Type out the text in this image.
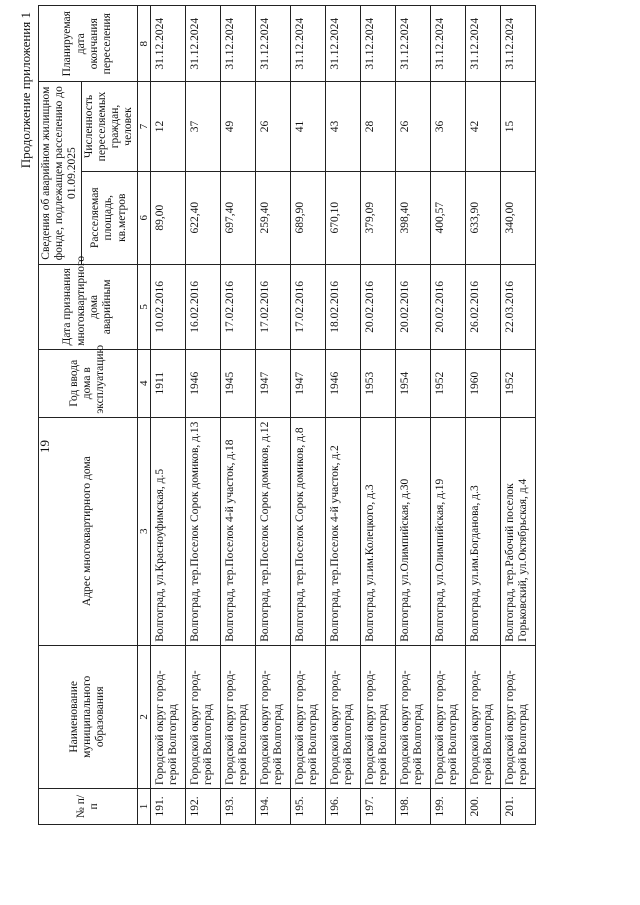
19
Продолжение приложения 1
№ п/п	Наименование муниципального образования	Адрес многоквартирного дома	Год ввода дома в эксплуатацию	Дата признания многоквартирного дома аварийным	Сведения об аварийном жилищном фонде, подлежащем расселению до 01.09.2025		Планируемая дата окончания переселения
					Расселяемая площадь, кв.метров	Численность переселяемых граждан, человек	
1	2	3	4	5	6	7	8
191.	Городской округ город-герой Волгоград	Волгоград, ул.Красноуфимская, д.5	1911	10.02.2016	89,00	12	31.12.2024
192.	Городской округ город-герой Волгоград	Волгоград, тер.Поселок Сорок домиков, д.13	1946	16.02.2016	622,40	37	31.12.2024
193.	Городской округ город-герой Волгоград	Волгоград, тер.Поселок 4-й участок, д.18	1945	17.02.2016	697,40	49	31.12.2024
194.	Городской округ город-герой Волгоград	Волгоград, тер.Поселок Сорок домиков, д.12	1947	17.02.2016	259,40	26	31.12.2024
195.	Городской округ город-герой Волгоград	Волгоград, тер.Поселок Сорок домиков, д.8	1947	17.02.2016	689,90	41	31.12.2024
196.	Городской округ город-герой Волгоград	Волгоград, тер.Поселок 4-й участок, д.2	1946	18.02.2016	670,10	43	31.12.2024
197.	Городской округ город-герой Волгоград	Волгоград, ул.им.Колецкого, д.3	1953	20.02.2016	379,09	28	31.12.2024
198.	Городской округ город-герой Волгоград	Волгоград, ул.Олимпийская, д.30	1954	20.02.2016	398,40	26	31.12.2024
199.	Городской округ город-герой Волгоград	Волгоград, ул.Олимпийская, д.19	1952	20.02.2016	400,57	36	31.12.2024
200.	Городской округ город-герой Волгоград	Волгоград, ул.им.Богданова, д.3	1960	26.02.2016	633,90	42	31.12.2024
201.	Городской округ город-герой Волгоград	Волгоград, тер.Рабочий поселок Горьковский, ул.Октябрьская, д.4	1952	22.03.2016	340,00	15	31.12.2024
